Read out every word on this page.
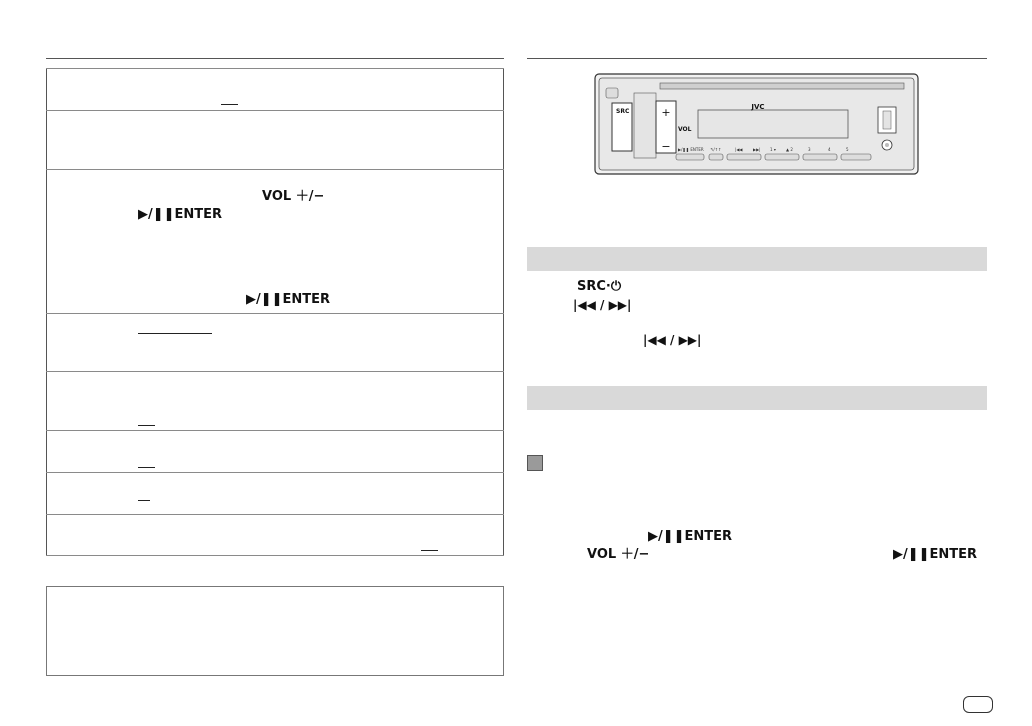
VOL ＋/−
▶/❚❚ENTER
▶/❚❚ENTER
SRC	+
−
VOL
JVC
▶/❚❚ ENTER ↰/↑↑	|◀◀	▶▶| 1 ▾	▲ 2	3	4	5
SRC·⏻
|◀◀ / ▶▶|
|◀◀ / ▶▶|
▶/❚❚ENTER
VOL ＋/−	▶/❚❚ENTER
